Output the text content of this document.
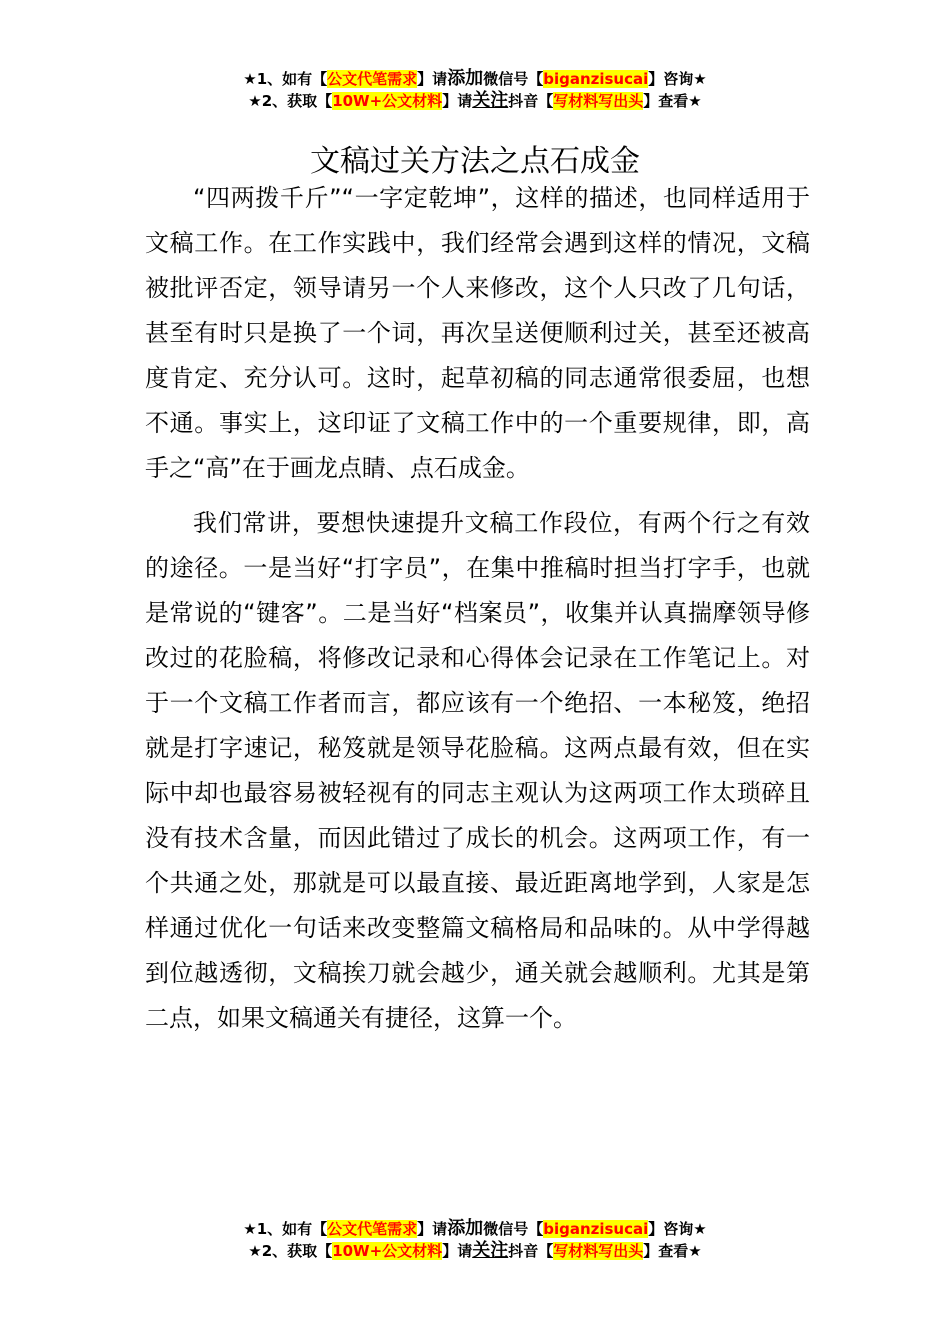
★1、如有【公文代笔需求】请添加微信号【biganzisucai】咨询★
★2、获取【10W+公文材料】请关注抖音【写材料写出头】查看★
文稿过关方法之点石成金

“四两拨千斤”“一字定乾坤”，这样的描述，也同样适用于文稿工作。在工作实践中，我们经常会遇到这样的情况，文稿被批评否定，领导请另一个人来修改，这个人只改了几句话，甚至有时只是换了一个词，再次呈送便顺利过关，甚至还被高度肯定、充分认可。这时，起草初稿的同志通常很委屈，也想不通。事实上，这印证了文稿工作中的一个重要规律，即，高手之“高”在于画龙点睛、点石成金。

我们常讲，要想快速提升文稿工作段位，有两个行之有效的途径。一是当好“打字员”，在集中推稿时担当打字手，也就是常说的“键客”。二是当好“档案员”，收集并认真揣摩领导修改过的花脸稿，将修改记录和心得体会记录在工作笔记上。对于一个文稿工作者而言，都应该有一个绝招、一本秘笈，绝招就是打字速记，秘笈就是领导花脸稿。这两点最有效，但在实际中却也最容易被轻视有的同志主观认为这两项工作太琐碎且没有技术含量，而因此错过了成长的机会。这两项工作，有一个共通之处，那就是可以最直接、最近距离地学到，人家是怎样通过优化一句话来改变整篇文稿格局和品味的。从中学得越到位越透彻，文稿挨刀就会越少，通关就会越顺利。尤其是第二点，如果文稿通关有捷径，这算一个。

★1、如有【公文代笔需求】请添加微信号【biganzisucai】咨询★
★2、获取【10W+公文材料】请关注抖音【写材料写出头】查看★
